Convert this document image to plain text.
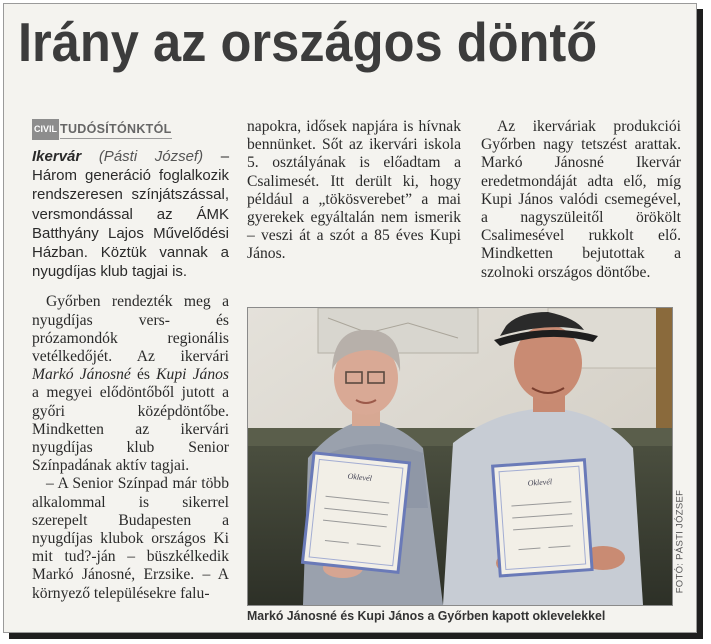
Irány az országos döntő
CIVIL TUDÓSÍTÓNKTÓL

Ikervár (Pásti József) – Három generáció foglalkozik rendszeresen színjátszással, versmondással az ÁMK Batthyány Lajos Művelődési Házban. Köztük vannak a nyugdíjas klub tagjai is.

Győrben rendezték meg a nyugdíjas vers- és prózamondók regionális vetélkedőjét. Az ikervári Markó Jánosné és Kupi János a megyei elődöntőből jutott a győri középdöntőbe. Mindketten az ikervári nyugdíjas klub Senior Színpadának aktív tagjai.

– A Senior Színpad már több alkalommal is sikerrel szerepelt Budapesten a nyugdíjas klubok országos Ki mit tud?-ján – büszkélkedik Markó Jánosné, Erzsike. – A környező településekre falu-

napokra, idősek napjára is hívnak bennünket. Sőt az ikervári iskola 5. osztályának is előadtam a Csalimesét. Itt derült ki, hogy például a „tökösverebet” a mai gyerekek egyáltalán nem ismerik – veszi át a szót a 85 éves Kupi János.

Az ikerváriak produkciói Győrben nagy tetszést arattak. Markó Jánosné Ikervár eredetmondáját adta elő, míg Kupi János valódi csemegével, a nagyszüleitől örökölt Csalimesével rukkolt elő. Mindketten bejutottak a szolnoki országos döntőbe.

Oklevél	Oklevél
FOTÓ: PÁSTI JÓZSEF
Markó Jánosné és Kupi János a Győrben kapott oklevelekkel
